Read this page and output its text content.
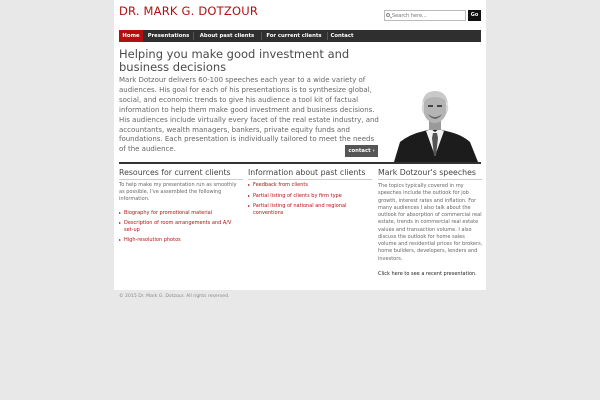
DR. MARK G. DOTZOUR
Search here...	Go
Home	Presentations	About past clients	For current clients	Contact
Helping you make good investment and business decisions
Mark Dotzour delivers 60-100 speeches each year to a wide variety of audiences. His goal for each of his presentations is to synthesize global, social, and economic trends to give his audience a tool kit of factual information to help them make good investment and business decisions. His audiences include virtually every facet of the real estate industry, and accountants, wealth managers, bankers, private equity funds and foundations. Each presentation is individually tailored to meet the needs of the audience.	contact ›
Resources for current clients
To help make my presentation run as smoothly as possible, I've assembled the following information.
Biography for promotional material
Description of room arrangements and A/V set-up
High-resolution photos
Information about past clients
Feedback from clients
Partial listing of clients by firm type
Partial listing of national and regional conventions
Mark Dotzour's speeches
The topics typically covered in my speeches include the outlook for job growth, interest rates and inflation. For many audiences I also talk about the outlook for absorption of commercial real estate, trends in commercial real estate values and transaction volume. I also discuss the outlook for home sales volume and residential prices for brokers, home builders, developers, lenders and investors.
Click here to see a recent presentation.
© 2015 Dr. Mark G. Dotzour. All rights reserved.
